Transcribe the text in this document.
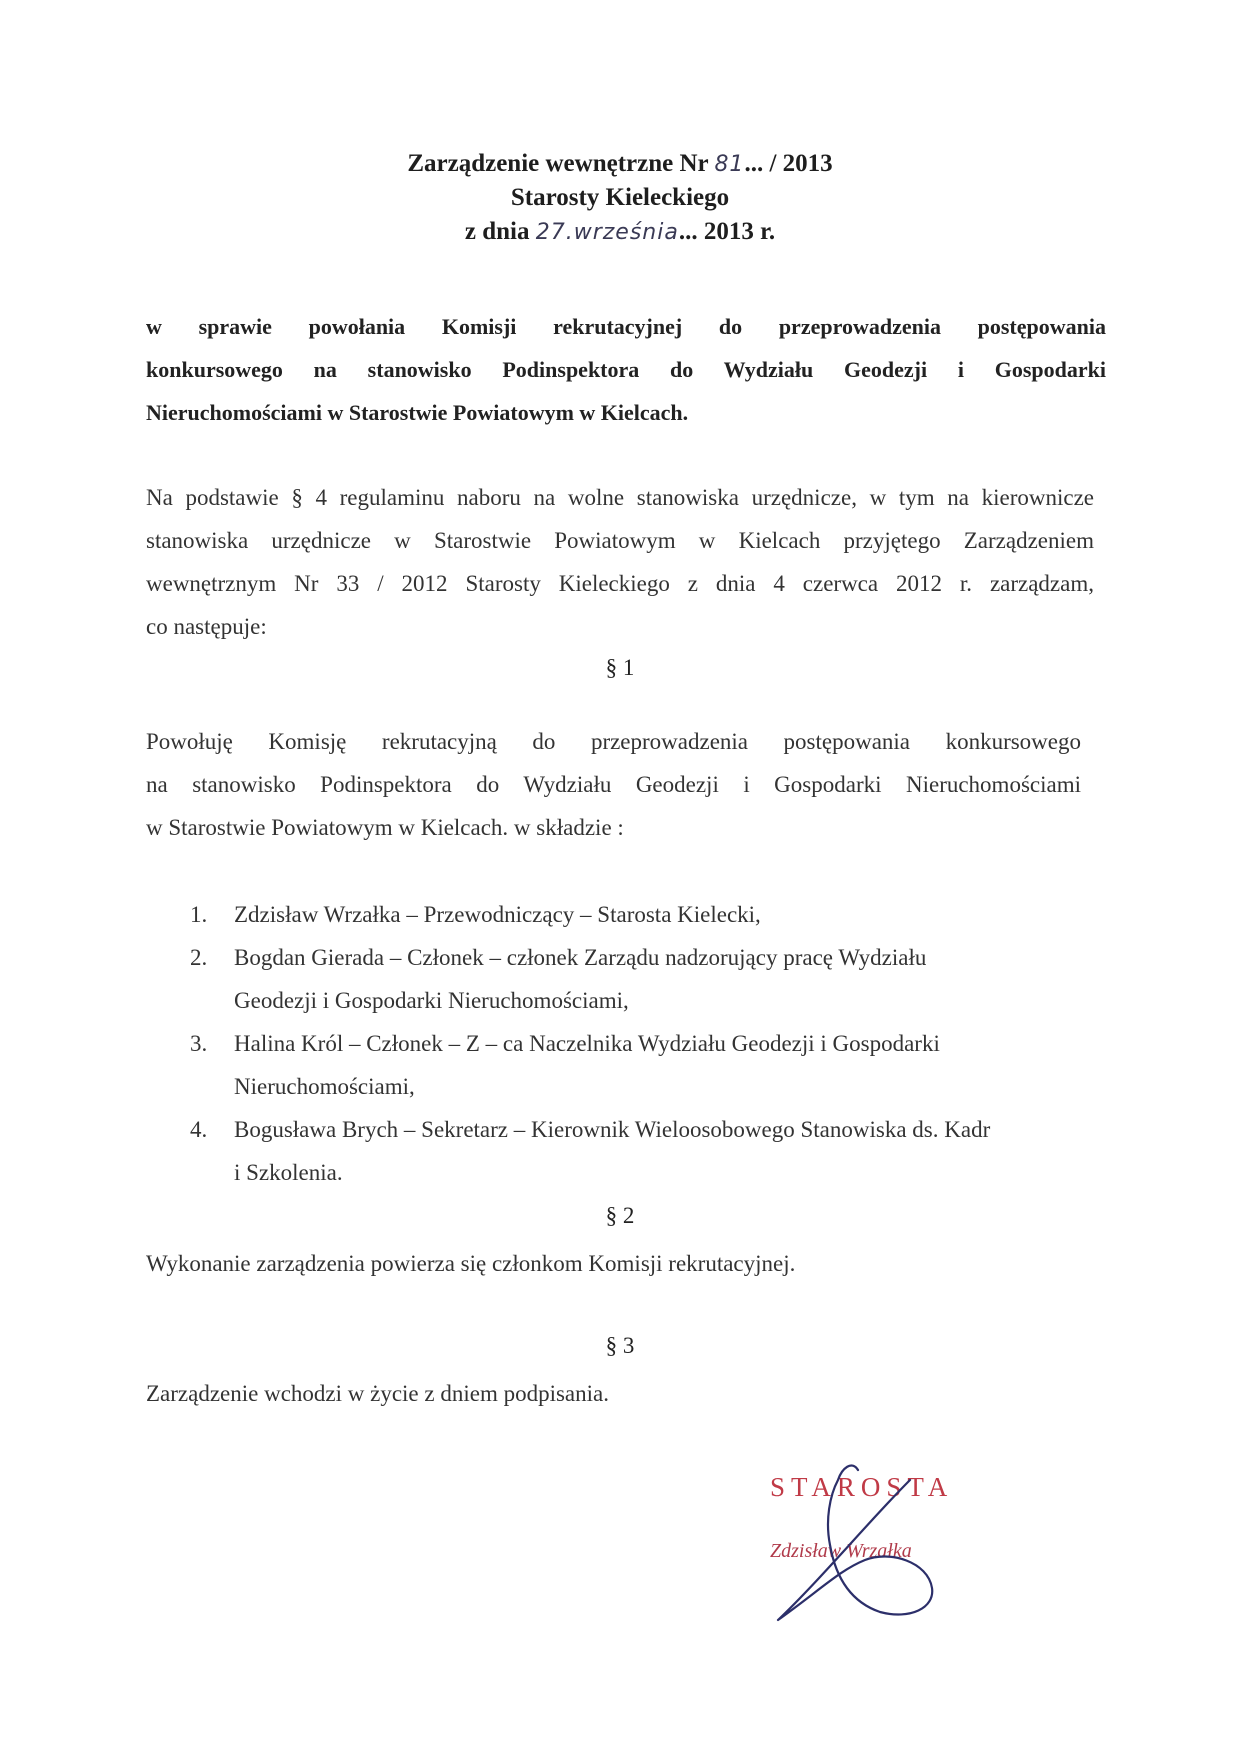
Zarządzenie wewnętrzne Nr 81... / 2013
Starosty Kieleckiego
z dnia 27.września... 2013 r.
w sprawie powołania Komisji rekrutacyjnej do przeprowadzenia postępowania
konkursowego na stanowisko Podinspektora do Wydziału Geodezji i Gospodarki
Nieruchomościami w Starostwie Powiatowym w Kielcach.
Na podstawie § 4 regulaminu naboru na wolne stanowiska urzędnicze, w tym na kierownicze
stanowiska urzędnicze w Starostwie Powiatowym w Kielcach przyjętego Zarządzeniem
wewnętrznym Nr 33 / 2012 Starosty Kieleckiego z dnia 4 czerwca 2012 r. zarządzam,
co następuje:
§ 1
Powołuję Komisję rekrutacyjną do przeprowadzenia postępowania konkursowego
na stanowisko Podinspektora do Wydziału Geodezji i Gospodarki Nieruchomościami
w Starostwie Powiatowym w Kielcach. w składzie :
1.	Zdzisław Wrzałka – Przewodniczący – Starosta Kielecki,
2.	Bogdan Gierada – Członek – członek Zarządu nadzorujący pracę Wydziału
Geodezji i Gospodarki Nieruchomościami,
3.	Halina Król – Członek – Z – ca Naczelnika Wydziału Geodezji i Gospodarki
Nieruchomościami,
4.	Bogusława Brych – Sekretarz – Kierownik Wieloosobowego Stanowiska ds. Kadr
i Szkolenia.
§ 2
Wykonanie zarządzenia powierza się członkom Komisji rekrutacyjnej.
§ 3
Zarządzenie wchodzi w życie z dniem podpisania.
STAROSTA
Zdzisław Wrzałka
